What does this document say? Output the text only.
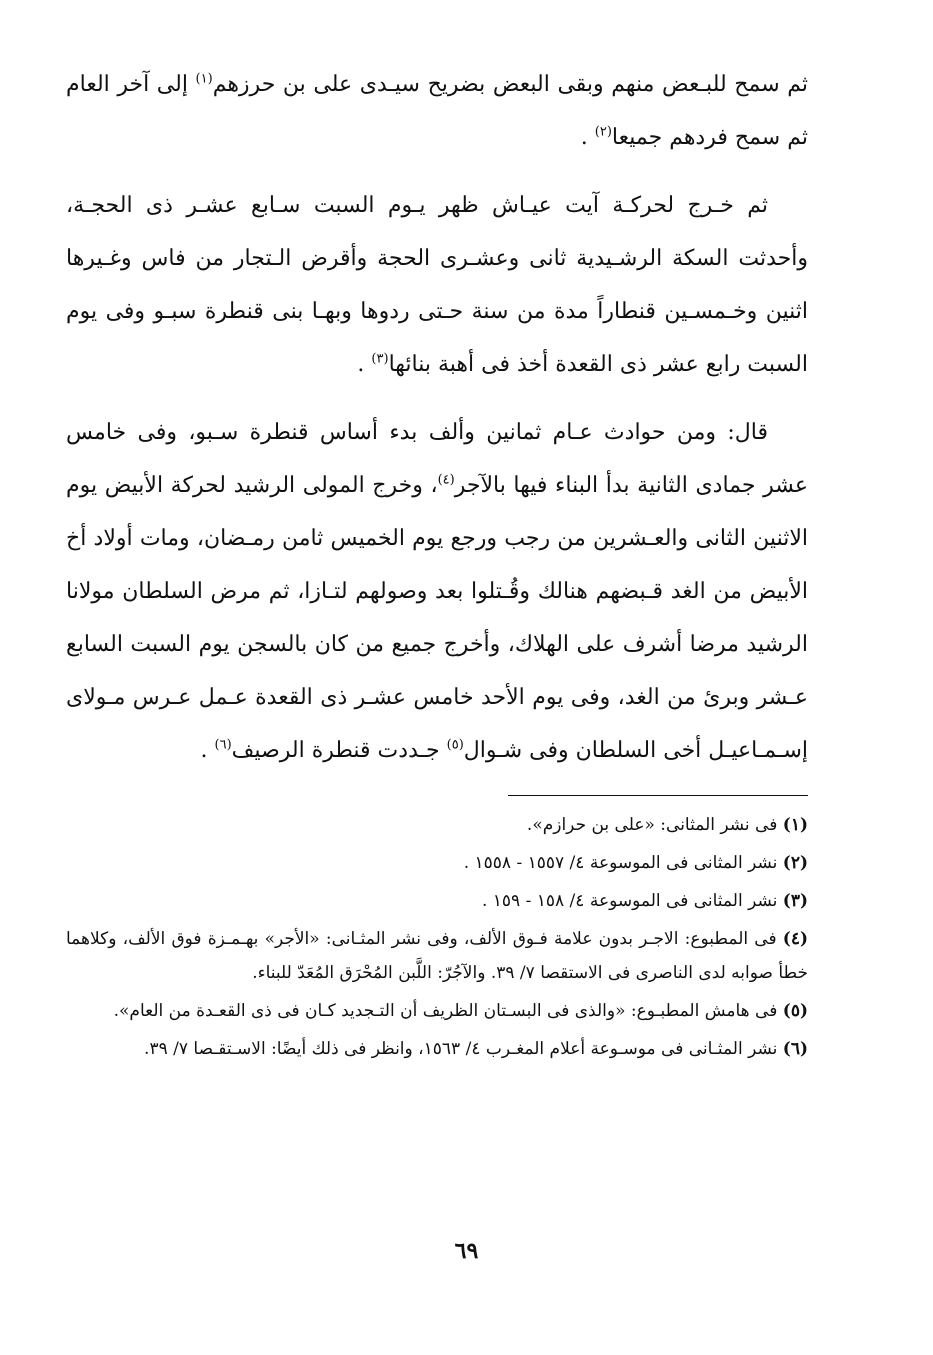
ثم سمح للبـعض منهم وبقى البعض بضريح سيـدى على بن حرزهم$^{(١)}$ إلى آخر العام ثم سمح فردهم جميعا$^{(٢)}$ .

ثم خـرج لحركـة آيت عيـاش ظهر يـوم السبت سـابع عشـر ذى الحجـة، وأحدثت السكة الرشـيدية ثانى وعشـرى الحجة وأقرض الـتجار من فاس وغـيرها اثنين وخـمسـين قنطاراً مدة من سنة حـتى ردوها وبهـا بنى قنطرة سبـو وفى يوم السبت رابع عشر ذى القعدة أخذ فى أهبة بنائها$^{(٣)}$ .

قال: ومن حوادث عـام ثمانين وألف بدء أساس قنطرة سـبو، وفى خامس عشر جمادى الثانية بدأ البناء فيها بالآجر$^{(٤)}$، وخرج المولى الرشيد لحركة الأبيض يوم الاثنين الثانى والعـشرين من رجب ورجع يوم الخميس ثامن رمـضان، ومات أولاد أخ الأبيض من الغد قـبضهم هنالك وقُـتلوا بعد وصولهم لتـازا، ثم مرض السلطان مولانا الرشيد مرضا أشرف على الهلاك، وأخرج جميع من كان بالسجن يوم السبت السابع عـشر وبرئ من الغد، وفى يوم الأحد خامس عشـر ذى القعدة عـمل عـرس مـولاى إسـمـاعيـل أخى السلطان وفى شـوال$^{(٥)}$ جـددت قنطرة الرصيف$^{(٦)}$ .

(١) فى نشر المثانى: «على بن حرازم».

(٢) نشر المثانى فى الموسوعة ٤/ ١٥٥٧ - ١٥٥٨ .

(٣) نشر المثانى فى الموسوعة ٤/ ١٥٨ - ١٥٩ .

(٤) فى المطبوع: الاجـر بدون علامة فـوق الألف، وفى نشر المثـانى: «الأجر» بهـمـزة فوق الألف، وكلاهما خطأ صوابه لدى الناصرى فى الاستقصا ٧/ ٣٩. والآجُرّ: اللَّبن المُحْرَق المُعَدّ للبناء.

(٥) فى هامش المطبـوع: «والذى فى البسـتان الظريف أن التـجديد كـان فى ذى القعـدة من العام».

(٦) نشر المثـانى فى موسـوعة أعلام المغـرب ٤/ ١٥٦٣، وانظر فى ذلك أيضًا: الاسـتقـصا ٧/ ٣٩.

٦٩
